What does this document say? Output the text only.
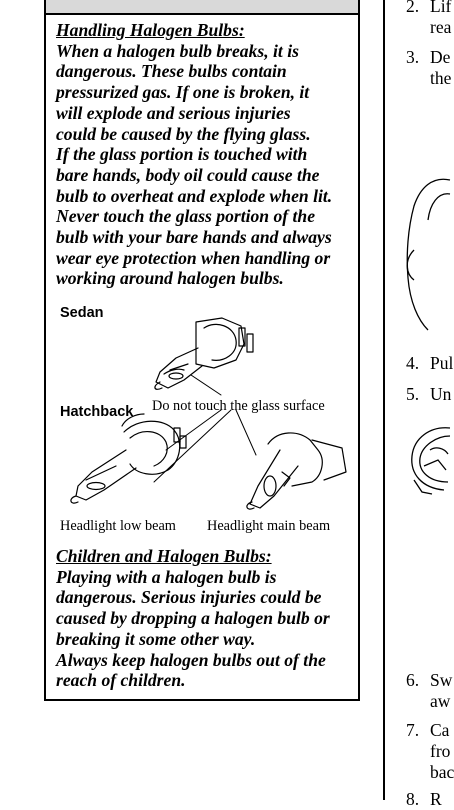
Handling Halogen Bulbs:
When a halogen bulb breaks, it is
dangerous. These bulbs contain
pressurized gas. If one is broken, it
will explode and serious injuries
could be caused by the flying glass.
If the glass portion is touched with
bare hands, body oil could cause the
bulb to overheat and explode when lit.
Never touch the glass portion of the
bulb with your bare hands and always
wear eye protection when handling or
working around halogen bulbs.
Sedan
Hatchback Do not touch the glass surface
Headlight low beam Headlight main beam
Children and Halogen Bulbs:
Playing with a halogen bulb is
dangerous. Serious injuries could be
caused by dropping a halogen bulb or
breaking it some other way.
Always keep halogen bulbs out of the
reach of children.
2. Lif
rea
3. De
the
4. Pul
5. Un
6. Sw
aw
7. Ca
fro
bac
8. R
